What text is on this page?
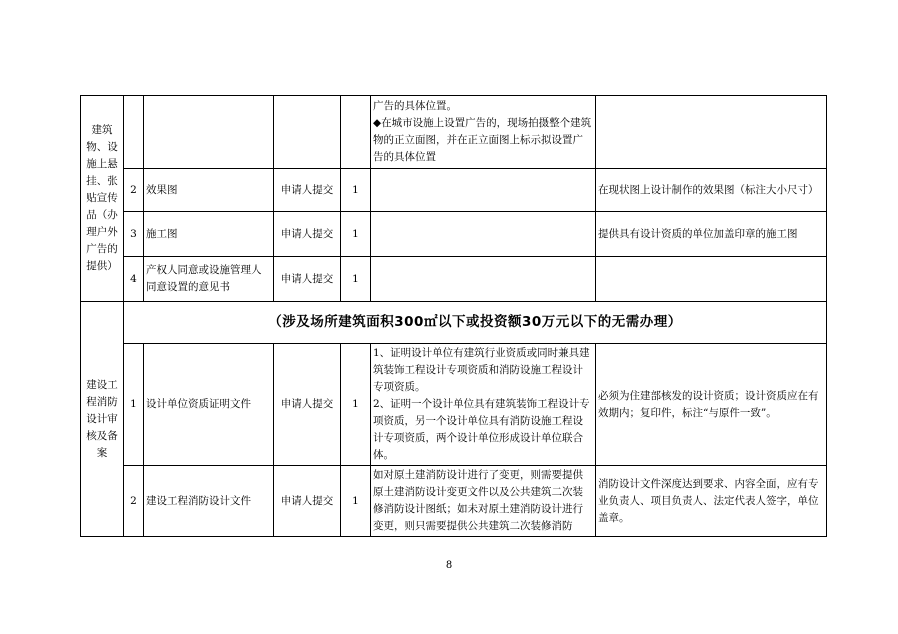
建筑物、设施上悬挂、张贴宣传品（办理户外广告的提供）					广告的具体位置。
◆在城市设施上设置广告的，现场拍摄整个建筑物的正立面图，并在正立面图上标示拟设置广告的具体位置	

	2	效果图	申请人提交	1		在现状图上设计制作的效果图（标注大小尺寸）
	3	施工图	申请人提交	1		提供具有设计资质的单位加盖印章的施工图
	4	产权人同意或设施管理人同意设置的意见书	申请人提交	1		
建设工程消防设计审核及备案	（涉及场所建筑面积300㎡以下或投资额30万元以下的无需办理）					
	1	设计单位资质证明文件	申请人提交	1	1、证明设计单位有建筑行业资质或同时兼具建筑装饰工程设计专项资质和消防设施工程设计专项资质。
2、证明一个设计单位具有建筑装饰工程设计专项资质，另一个设计单位具有消防设施工程设计专项资质，两个设计单位形成设计单位联合体。	必须为住建部核发的设计资质；设计资质应在有效期内；复印件，标注“与原件一致”。
	2	建设工程消防设计文件	申请人提交	1	如对原土建消防设计进行了变更，则需要提供原土建消防设计变更文件以及公共建筑二次装修消防设计图纸；如未对原土建消防设计进行变更，则只需要提供公共建筑二次装修消防	消防设计文件深度达到要求、内容全面，应有专业负责人、项目负责人、法定代表人签字，单位盖章。
8
